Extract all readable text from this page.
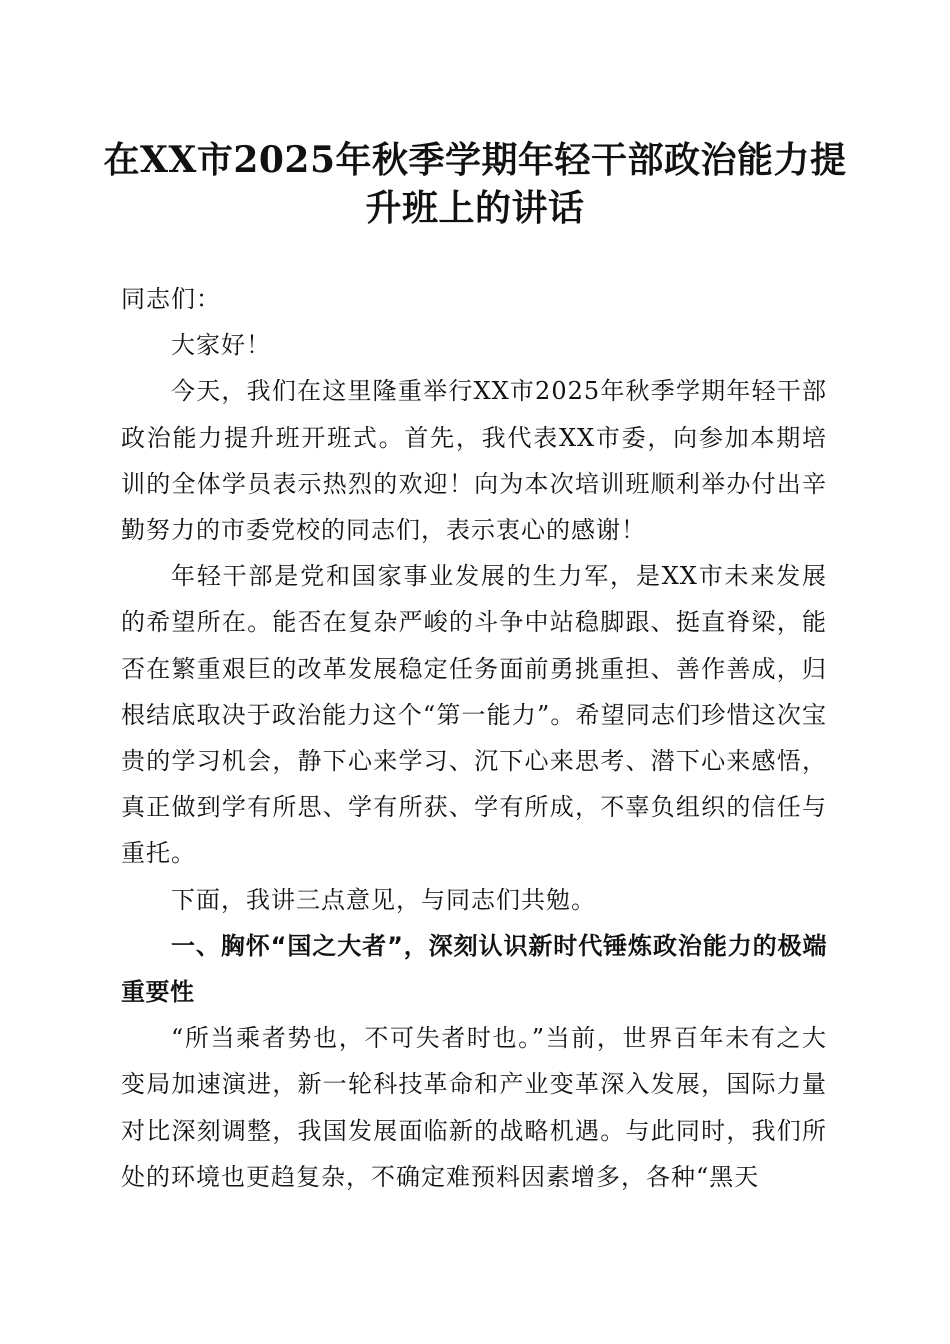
在XX市2025年秋季学期年轻干部政治能力提升班上的讲话

同志们：

大家好！

今天，我们在这里隆重举行XX市2025年秋季学期年轻干部政治能力提升班开班式。首先，我代表XX市委，向参加本期培训的全体学员表示热烈的欢迎！向为本次培训班顺利举办付出辛勤努力的市委党校的同志们，表示衷心的感谢！

年轻干部是党和国家事业发展的生力军，是XX市未来发展的希望所在。能否在复杂严峻的斗争中站稳脚跟、挺直脊梁，能否在繁重艰巨的改革发展稳定任务面前勇挑重担、善作善成，归根结底取决于政治能力这个“第一能力”。希望同志们珍惜这次宝贵的学习机会，静下心来学习、沉下心来思考、潜下心来感悟，真正做到学有所思、学有所获、学有所成，不辜负组织的信任与重托。

下面，我讲三点意见，与同志们共勉。

一、胸怀“国之大者”，深刻认识新时代锤炼政治能力的极端重要性

“所当乘者势也，不可失者时也。”当前，世界百年未有之大变局加速演进，新一轮科技革命和产业变革深入发展，国际力量对比深刻调整，我国发展面临新的战略机遇。与此同时，我们所处的环境也更趋复杂，不确定难预料因素增多，各种“黑天
